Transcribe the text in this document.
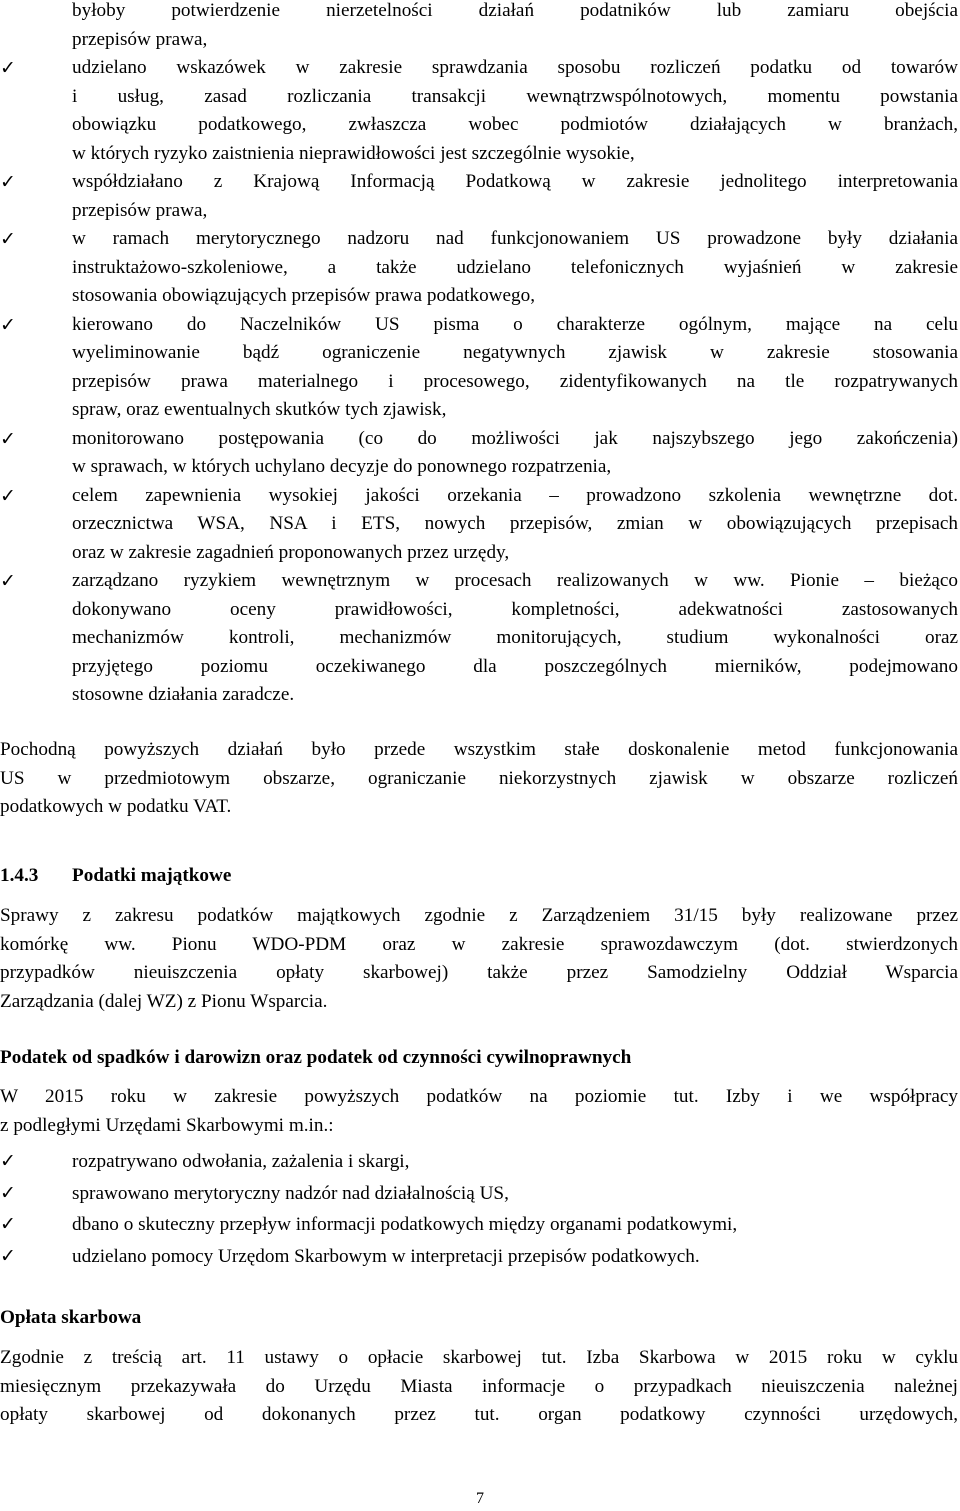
byłoby potwierdzenie nierzetelności działań podatników lub zamiaru obejścia
przepisów prawa,
✓	udzielano wskazówek w zakresie sprawdzania sposobu rozliczeń podatku od towarów
i usług, zasad rozliczania transakcji wewnątrzwspólnotowych, momentu powstania
obowiązku podatkowego, zwłaszcza wobec podmiotów działających w branżach,
w których ryzyko zaistnienia nieprawidłowości jest szczególnie wysokie,
✓	współdziałano z Krajową Informacją Podatkową w zakresie jednolitego interpretowania
przepisów prawa,
✓	w ramach merytorycznego nadzoru nad funkcjonowaniem US prowadzone były działania
instruktażowo-szkoleniowe, a także udzielano telefonicznych wyjaśnień w zakresie
stosowania obowiązujących przepisów prawa podatkowego,
✓	kierowano do Naczelników US pisma o charakterze ogólnym, mające na celu
wyeliminowanie bądź ograniczenie negatywnych zjawisk w zakresie stosowania
przepisów prawa materialnego i procesowego, zidentyfikowanych na tle rozpatrywanych
spraw, oraz ewentualnych skutków tych zjawisk,
✓	monitorowano postępowania (co do możliwości jak najszybszego jego zakończenia)
w sprawach, w których uchylano decyzje do ponownego rozpatrzenia,
✓	celem zapewnienia wysokiej jakości orzekania – prowadzono szkolenia wewnętrzne dot.
orzecznictwa WSA, NSA i ETS, nowych przepisów, zmian w obowiązujących przepisach
oraz w zakresie zagadnień proponowanych przez urzędy,
✓	zarządzano ryzykiem wewnętrznym w procesach realizowanych w ww. Pionie – bieżąco
dokonywano oceny prawidłowości, kompletności, adekwatności zastosowanych
mechanizmów kontroli, mechanizmów monitorujących, studium wykonalności oraz
przyjętego poziomu oczekiwanego dla poszczególnych mierników, podejmowano
stosowne działania zaradcze.
Pochodną powyższych działań było przede wszystkim stałe doskonalenie metod funkcjonowania
US w przedmiotowym obszarze, ograniczanie niekorzystnych zjawisk w obszarze rozliczeń
podatkowych w podatku VAT.
1.4.3 Podatki majątkowe
Sprawy z zakresu podatków majątkowych zgodnie z Zarządzeniem 31/15 były realizowane przez
komórkę ww. Pionu WDO-PDM oraz w zakresie sprawozdawczym (dot. stwierdzonych
przypadków nieuiszczenia opłaty skarbowej) także przez Samodzielny Oddział Wsparcia
Zarządzania (dalej WZ) z Pionu Wsparcia.
Podatek od spadków i darowizn oraz podatek od czynności cywilnoprawnych
W 2015 roku w zakresie powyższych podatków na poziomie tut. Izby i we współpracy
z podległymi Urzędami Skarbowymi m.in.:
✓	rozpatrywano odwołania, zażalenia i skargi,
✓	sprawowano merytoryczny nadzór nad działalnością US,
✓	dbano o skuteczny przepływ informacji podatkowych między organami podatkowymi,
✓	udzielano pomocy Urzędom Skarbowym w interpretacji przepisów podatkowych.
Opłata skarbowa
Zgodnie z treścią art. 11 ustawy o opłacie skarbowej tut. Izba Skarbowa w 2015 roku w cyklu
miesięcznym przekazywała do Urzędu Miasta informacje o przypadkach nieuiszczenia należnej
opłaty skarbowej od dokonanych przez tut. organ podatkowy czynności urzędowych,
7
